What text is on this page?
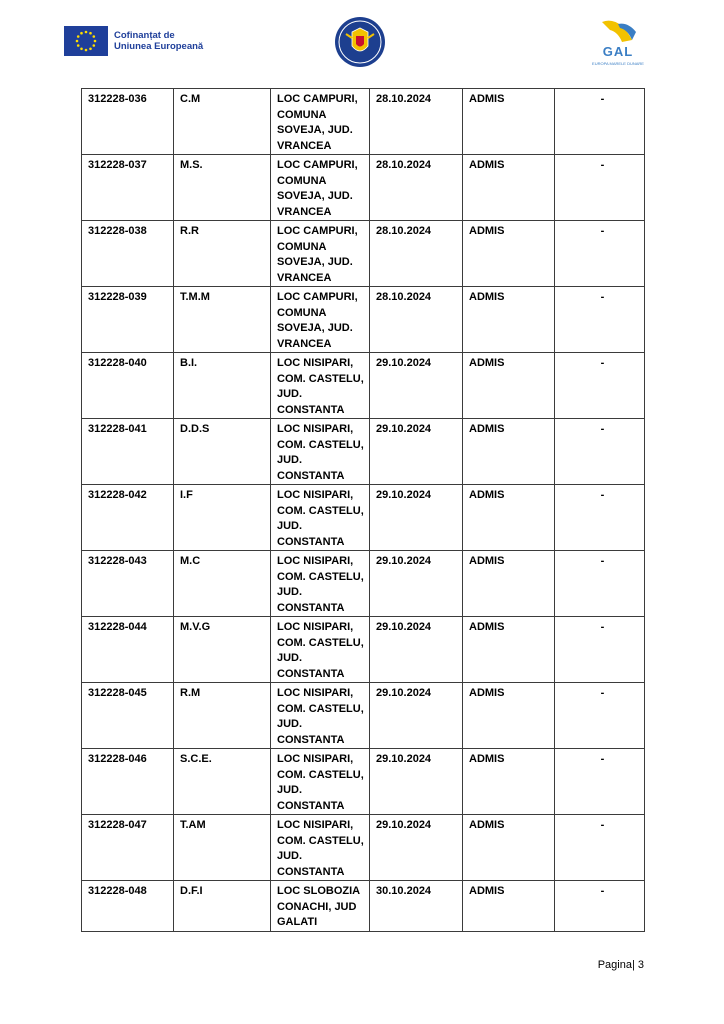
Cofinanțat de
Uniunea Europeană	GAL
EUROPA MARELE DUNARE
312228-036	C.M	LOC CAMPURI,
COMUNA
SOVEJA, JUD.
VRANCEA	28.10.2024	ADMIS	-
312228-037	M.S.	LOC CAMPURI,
COMUNA
SOVEJA, JUD.
VRANCEA	28.10.2024	ADMIS	-
312228-038	R.R	LOC CAMPURI,
COMUNA
SOVEJA, JUD.
VRANCEA	28.10.2024	ADMIS	-
312228-039	T.M.M	LOC CAMPURI,
COMUNA
SOVEJA, JUD.
VRANCEA	28.10.2024	ADMIS	-
312228-040	B.I.	LOC NISIPARI,
COM. CASTELU,
JUD.
CONSTANTA	29.10.2024	ADMIS	-
312228-041	D.D.S	LOC NISIPARI,
COM. CASTELU,
JUD.
CONSTANTA	29.10.2024	ADMIS	-
312228-042	I.F	LOC NISIPARI,
COM. CASTELU,
JUD.
CONSTANTA	29.10.2024	ADMIS	-
312228-043	M.C	LOC NISIPARI,
COM. CASTELU,
JUD.
CONSTANTA	29.10.2024	ADMIS	-
312228-044	M.V.G	LOC NISIPARI,
COM. CASTELU,
JUD.
CONSTANTA	29.10.2024	ADMIS	-
312228-045	R.M	LOC NISIPARI,
COM. CASTELU,
JUD.
CONSTANTA	29.10.2024	ADMIS	-
312228-046	S.C.E.	LOC NISIPARI,
COM. CASTELU,
JUD.
CONSTANTA	29.10.2024	ADMIS	-
312228-047	T.AM	LOC NISIPARI,
COM. CASTELU,
JUD.
CONSTANTA	29.10.2024	ADMIS	-
312228-048	D.F.I	LOC SLOBOZIA
CONACHI, JUD
GALATI	30.10.2024	ADMIS	-
Pagina| 3
